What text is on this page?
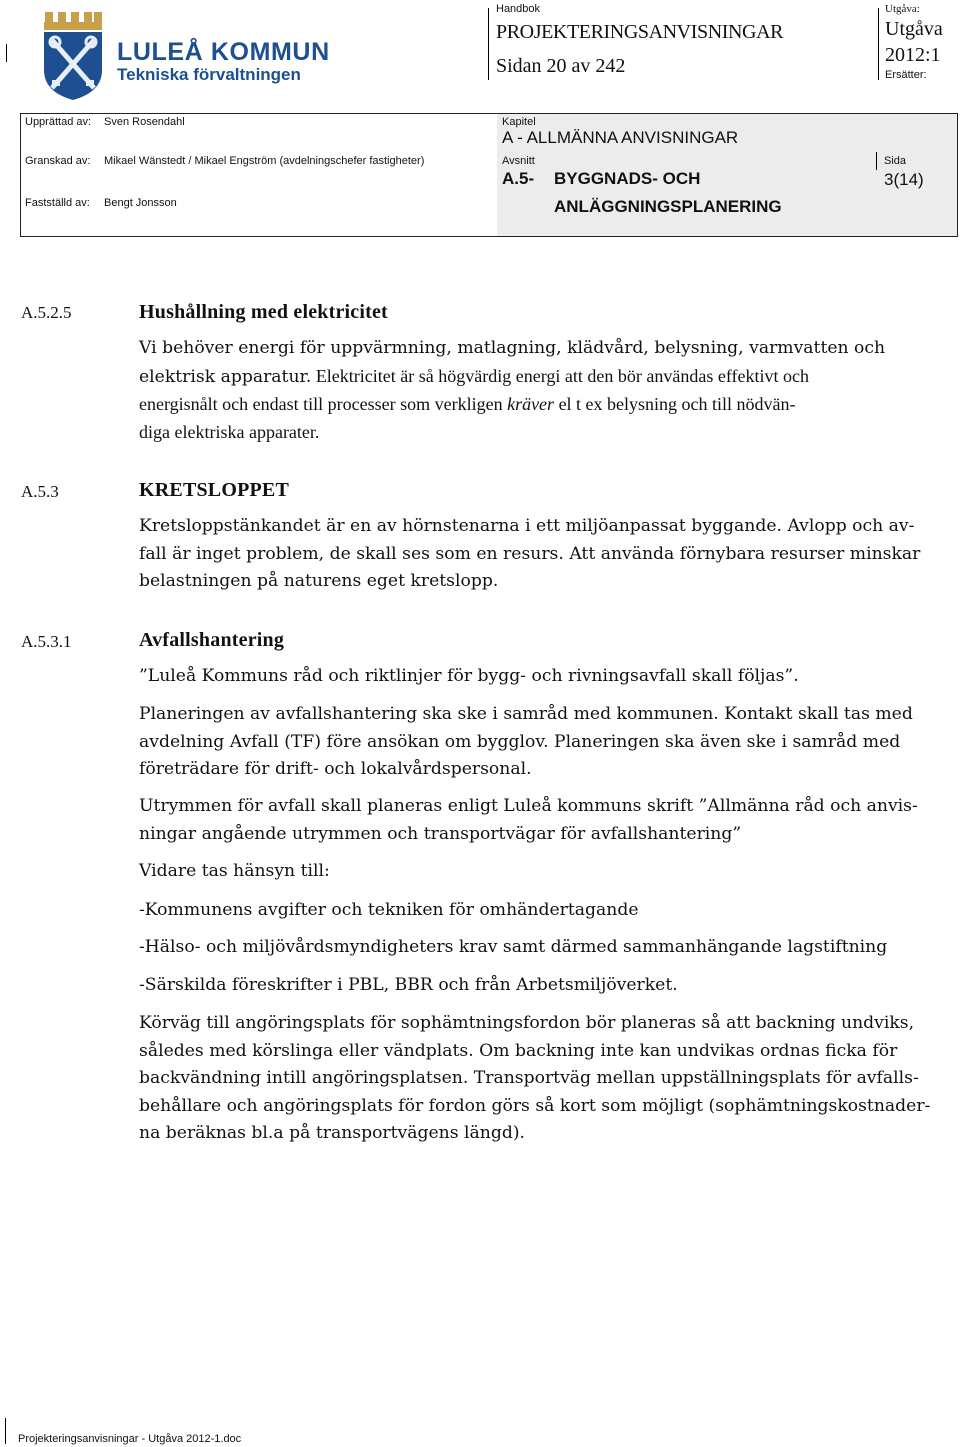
LULEÅ KOMMUN
Tekniska förvaltningen
Handbok
PROJEKTERINGSANVISNINGAR
Sidan 20 av 242
Utgåva:
Utgåva
2012:1
Ersätter:
Upprättad av: Sven Rosendahl
Granskad av: Mikael Wänstedt / Mikael Engström (avdelningschefer fastigheter)
Fastställd av: Bengt Jonsson
Kapitel
A - ALLMÄNNA ANVISNINGAR
Avsnitt
A.5- BYGGNADS- OCH
ANLÄGGNINGSPLANERING
Sida
3(14)
A.5.2.5	Hushållning med elektricitet
Vi behöver energi för uppvärmning, matlagning, klädvård, belysning, varmvatten och
elektrisk apparatur. Elektricitet är så högvärdig energi att den bör användas effektivt och
energisnålt och endast till processer som verkligen kräver el t ex belysning och till nödvän-
diga elektriska apparater.
A.5.3	KRETSLOPPET
Kretsloppstänkandet är en av hörnstenarna i ett miljöanpassat byggande. Avlopp och av-
fall är inget problem, de skall ses som en resurs. Att använda förnybara resurser minskar
belastningen på naturens eget kretslopp.
A.5.3.1	Avfallshantering
”Luleå Kommuns råd och riktlinjer för bygg- och rivningsavfall skall följas”.
Planeringen av avfallshantering ska ske i samråd med kommunen. Kontakt skall tas med
avdelning Avfall (TF) före ansökan om bygglov. Planeringen ska även ske i samråd med
företrädare för drift- och lokalvårdspersonal.
Utrymmen för avfall skall planeras enligt Luleå kommuns skrift ”Allmänna råd och anvis-
ningar angående utrymmen och transportvägar för avfallshantering”
Vidare tas hänsyn till:
-Kommunens avgifter och tekniken för omhändertagande
-Hälso- och miljövårdsmyndigheters krav samt därmed sammanhängande lagstiftning
-Särskilda föreskrifter i PBL, BBR och från Arbetsmiljöverket.
Körväg till angöringsplats för sophämtningsfordon bör planeras så att backning undviks,
således med körslinga eller vändplats. Om backning inte kan undvikas ordnas ficka för
backvändning intill angöringsplatsen. Transportväg mellan uppställningsplats för avfalls-
behållare och angöringsplats för fordon görs så kort som möjligt (sophämtningskostnader-
na beräknas bl.a på transportvägens längd).
Projekteringsanvisningar - Utgåva 2012-1.doc
